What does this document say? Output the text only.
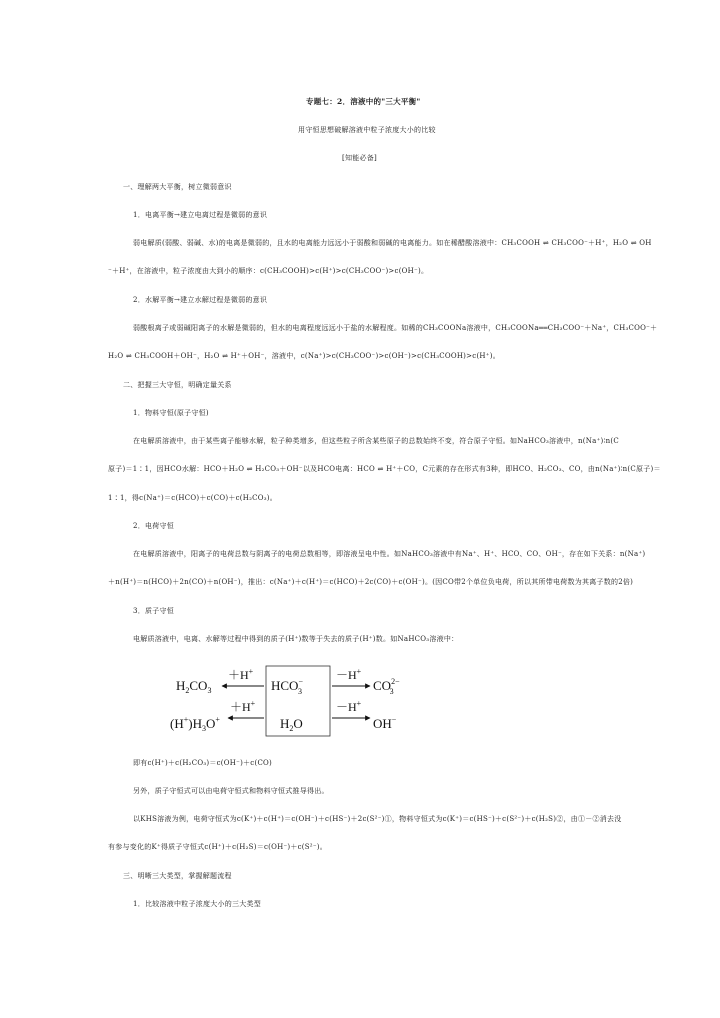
专题七：2．溶液中的"三大平衡"

用守恒思想破解溶液中粒子浓度大小的比较

[知能必备]

一、理解两大平衡，树立微弱意识

1．电离平衡→建立电离过程是微弱的意识

弱电解质(弱酸、弱碱、水)的电离是微弱的，且水的电离能力远远小于弱酸和弱碱的电离能力。如在稀醋酸溶液中：CH₃COOH ⇌ CH₃COO⁻＋H⁺，H₂O ⇌ OH

⁻＋H⁺，在溶液中，粒子浓度由大到小的顺序：c(CH₃COOH)>c(H⁺)>c(CH₃COO⁻)>c(OH⁻)。

2．水解平衡→建立水解过程是微弱的意识

弱酸根离子或弱碱阳离子的水解是微弱的，但水的电离程度远远小于盐的水解程度。如稀的CH₃COONa溶液中，CH₃COONa══CH₃COO⁻＋Na⁺，CH₃COO⁻＋

H₂O ⇌ CH₃COOH＋OH⁻，H₂O ⇌ H⁺＋OH⁻，溶液中，c(Na⁺)>c(CH₃COO⁻)>c(OH⁻)>c(CH₃COOH)>c(H⁺)。

二、把握三大守恒，明确定量关系

1．物料守恒(原子守恒)

在电解质溶液中，由于某些离子能够水解，粒子种类增多，但这些粒子所含某些原子的总数始终不变，符合原子守恒。如NaHCO₃溶液中，n(Na⁺)∶n(C

原子)＝1∶1，因HCO水解：HCO＋H₂O ⇌ H₂CO₃＋OH⁻以及HCO电离：HCO ⇌ H⁺＋CO，C元素的存在形式有3种，即HCO、H₂CO₃、CO，由n(Na⁺)∶n(C原子)＝

1∶1，得c(Na⁺)＝c(HCO)＋c(CO)＋c(H₂CO₃)。

2．电荷守恒

在电解质溶液中，阳离子的电荷总数与阴离子的电荷总数相等，即溶液呈电中性。如NaHCO₃溶液中有Na⁺、H⁺、HCO、CO、OH⁻，存在如下关系：n(Na⁺)

＋n(H⁺)＝n(HCO)＋2n(CO)＋n(OH⁻)，推出：c(Na⁺)＋c(H⁺)＝c(HCO)＋2c(CO)＋c(OH⁻)。(因CO带2个单位负电荷，所以其所带电荷数为其离子数的2倍)

3．质子守恒

电解质溶液中，电离、水解等过程中得到的质子(H⁺)数等于失去的质子(H⁺)数。如NaHCO₃溶液中：

$H_2CO_3$
＋H+
HCO− 3
－H+
$CO^{2-}$ 3
$(H^+)H_3O^+$
＋H+
$H_2O$
－H+
OH−

即有c(H⁺)＋c(H₂CO₃)＝c(OH⁻)＋c(CO)

另外，质子守恒式可以由电荷守恒式和物料守恒式推导得出。

以KHS溶液为例，电荷守恒式为c(K⁺)＋c(H⁺)＝c(OH⁻)＋c(HS⁻)＋2c(S²⁻)①，物料守恒式为c(K⁺)＝c(HS⁻)＋c(S²⁻)＋c(H₂S)②，由①－②消去没

有参与变化的K⁺得质子守恒式c(H⁺)＋c(H₂S)＝c(OH⁻)＋c(S²⁻)。

三、明晰三大类型，掌握解题流程

1．比较溶液中粒子浓度大小的三大类型
